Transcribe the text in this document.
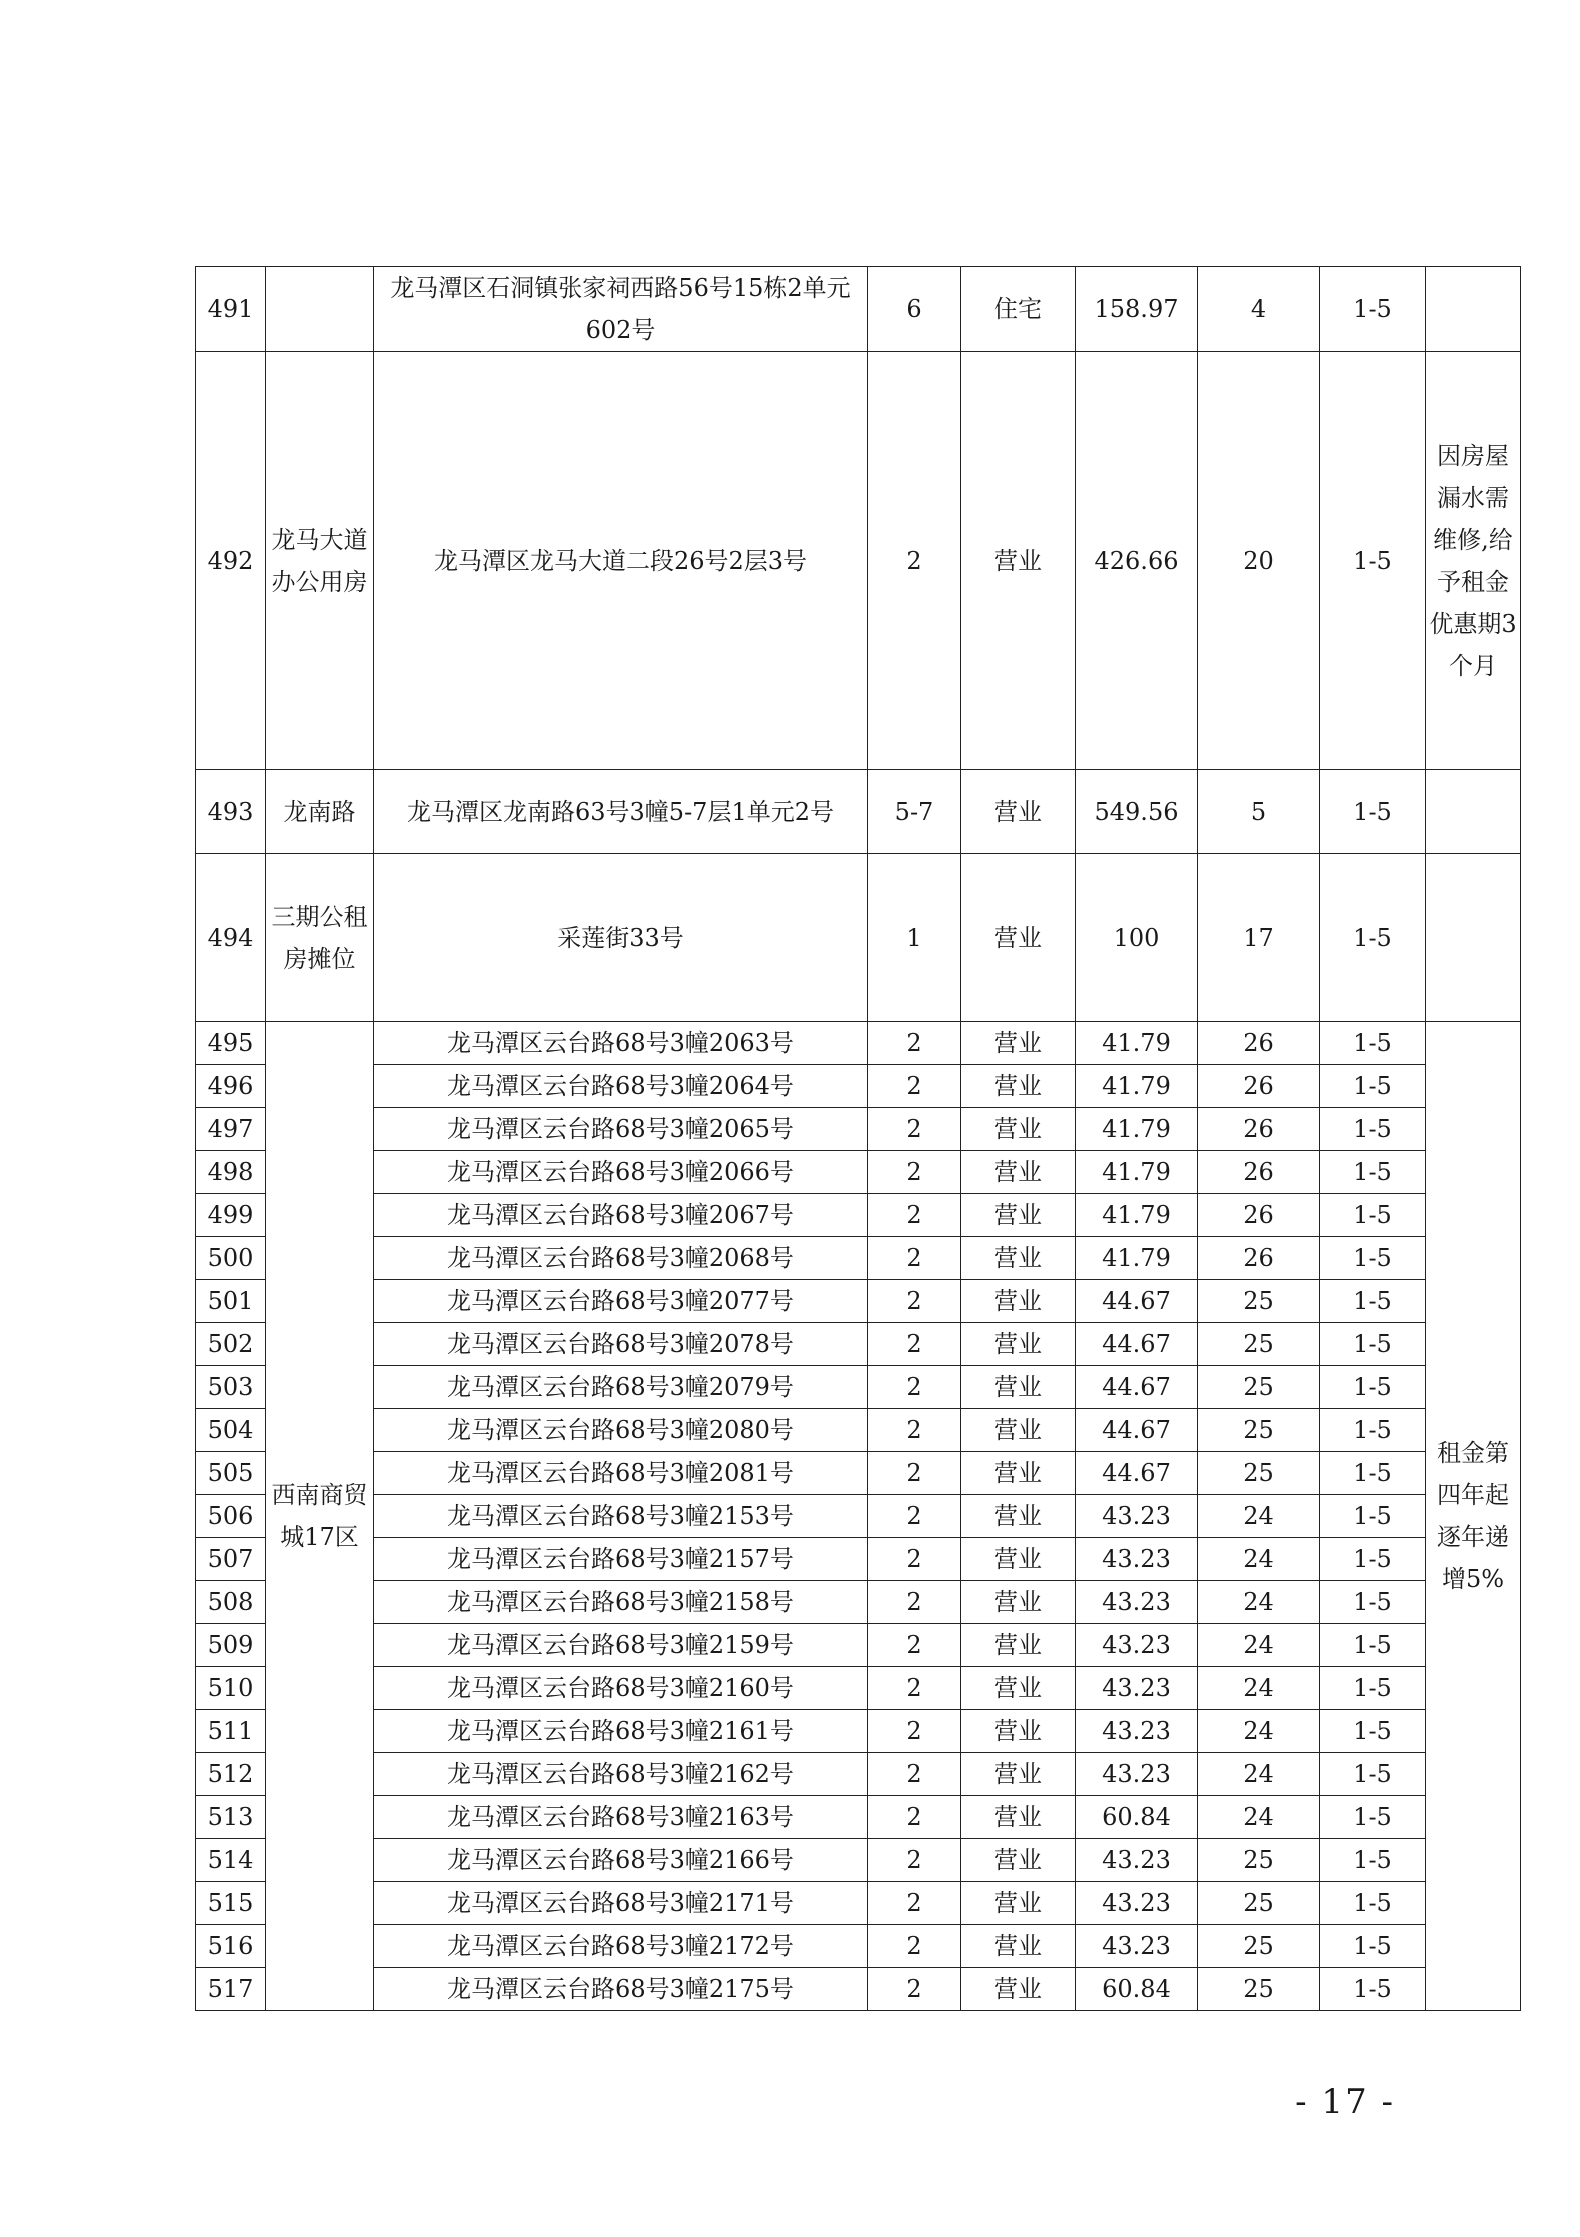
491		龙马潭区石洞镇张家祠西路56号15栋2单元602号	6	住宅	158.97	4	1-5	
492	龙马大道办公用房	龙马潭区龙马大道二段26号2层3号	2	营业	426.66	20	1-5	因房屋漏水需维修,给予租金优惠期3个月
493	龙南路	龙马潭区龙南路63号3幢5-7层1单元2号	5-7	营业	549.56	5	1-5	
494	三期公租房摊位	采莲街33号	1	营业	100	17	1-5	
495	西南商贸城17区	龙马潭区云台路68号3幢2063号	2	营业	41.79	26	1-5	租金第四年起逐年递增5%
496		龙马潭区云台路68号3幢2064号	2	营业	41.79	26	1-5	
497		龙马潭区云台路68号3幢2065号	2	营业	41.79	26	1-5	
498		龙马潭区云台路68号3幢2066号	2	营业	41.79	26	1-5	
499		龙马潭区云台路68号3幢2067号	2	营业	41.79	26	1-5	
500		龙马潭区云台路68号3幢2068号	2	营业	41.79	26	1-5	
501		龙马潭区云台路68号3幢2077号	2	营业	44.67	25	1-5	
502		龙马潭区云台路68号3幢2078号	2	营业	44.67	25	1-5	
503		龙马潭区云台路68号3幢2079号	2	营业	44.67	25	1-5	
504		龙马潭区云台路68号3幢2080号	2	营业	44.67	25	1-5	
505		龙马潭区云台路68号3幢2081号	2	营业	44.67	25	1-5	
506		龙马潭区云台路68号3幢2153号	2	营业	43.23	24	1-5	
507		龙马潭区云台路68号3幢2157号	2	营业	43.23	24	1-5	
508		龙马潭区云台路68号3幢2158号	2	营业	43.23	24	1-5	
509		龙马潭区云台路68号3幢2159号	2	营业	43.23	24	1-5	
510		龙马潭区云台路68号3幢2160号	2	营业	43.23	24	1-5	
511		龙马潭区云台路68号3幢2161号	2	营业	43.23	24	1-5	
512		龙马潭区云台路68号3幢2162号	2	营业	43.23	24	1-5	
513		龙马潭区云台路68号3幢2163号	2	营业	60.84	24	1-5	
514		龙马潭区云台路68号3幢2166号	2	营业	43.23	25	1-5	
515		龙马潭区云台路68号3幢2171号	2	营业	43.23	25	1-5	
516		龙马潭区云台路68号3幢2172号	2	营业	43.23	25	1-5	
517		龙马潭区云台路68号3幢2175号	2	营业	60.84	25	1-5	
- 17 -
